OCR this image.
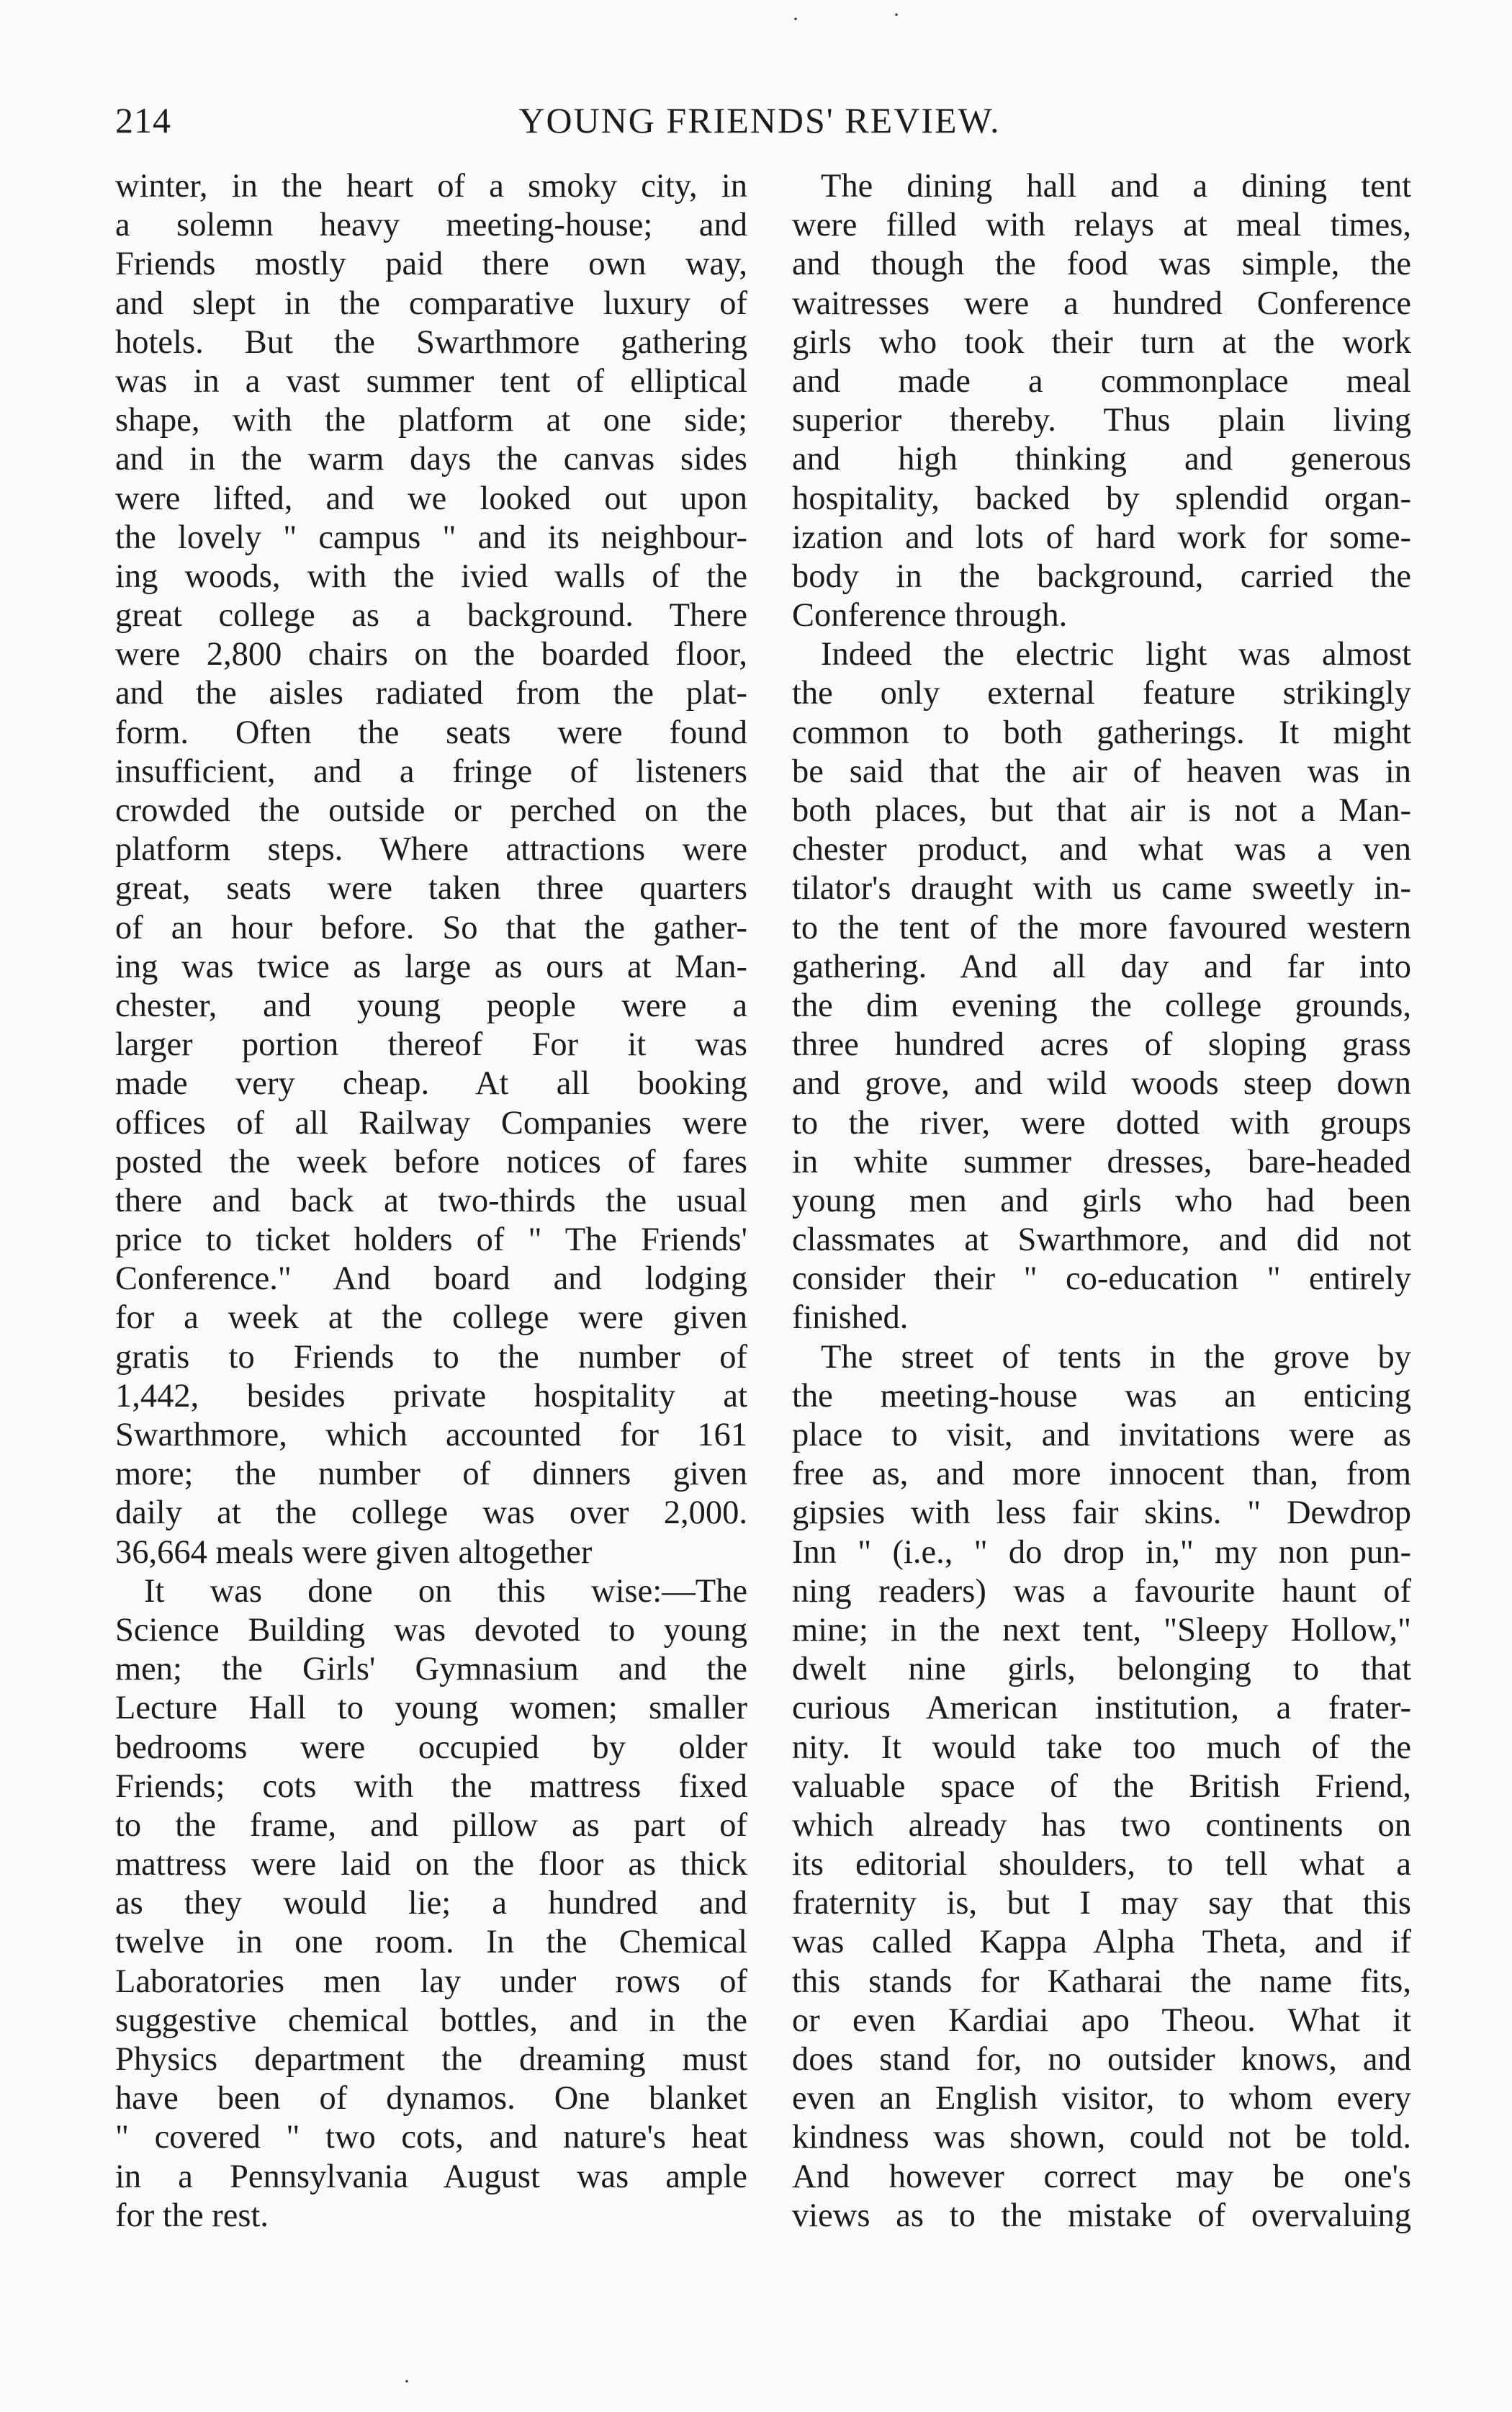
214	YOUNG FRIENDS' REVIEW.
winter, in the heart of a smoky city, in
a solemn heavy meeting-house; and
Friends mostly paid there own way,
and slept in the comparative luxury of
hotels. But the Swarthmore gathering
was in a vast summer tent of elliptical
shape, with the platform at one side;
and in the warm days the canvas sides
were lifted, and we looked out upon
the lovely " campus " and its neighbour-
ing woods, with the ivied walls of the
great college as a background. There
were 2,800 chairs on the boarded floor,
and the aisles radiated from the plat-
form. Often the seats were found
insufficient, and a fringe of listeners
crowded the outside or perched on the
platform steps. Where attractions were
great, seats were taken three quarters
of an hour before. So that the gather-
ing was twice as large as ours at Man-
chester, and young people were a
larger portion thereof For it was
made very cheap. At all booking
offices of all Railway Companies were
posted the week before notices of fares
there and back at two-thirds the usual
price to ticket holders of " The Friends'
Conference." And board and lodging
for a week at the college were given
gratis to Friends to the number of
1,442, besides private hospitality at
Swarthmore, which accounted for 161
more; the number of dinners given
daily at the college was over 2,000.
36,664 meals were given altogether
It was done on this wise:—The
Science Building was devoted to young
men; the Girls' Gymnasium and the
Lecture Hall to young women; smaller
bedrooms were occupied by older
Friends; cots with the mattress fixed
to the frame, and pillow as part of
mattress were laid on the floor as thick
as they would lie; a hundred and
twelve in one room. In the Chemical
Laboratories men lay under rows of
suggestive chemical bottles, and in the
Physics department the dreaming must
have been of dynamos. One blanket
" covered " two cots, and nature's heat
in a Pennsylvania August was ample
for the rest.
The dining hall and a dining tent
were filled with relays at meal times,
and though the food was simple, the
waitresses were a hundred Conference
girls who took their turn at the work
and made a commonplace meal
superior thereby. Thus plain living
and high thinking and generous
hospitality, backed by splendid organ-
ization and lots of hard work for some-
body in the background, carried the
Conference through.
Indeed the electric light was almost
the only external feature strikingly
common to both gatherings. It might
be said that the air of heaven was in
both places, but that air is not a Man-
chester product, and what was a ven
tilator's draught with us came sweetly in-
to the tent of the more favoured western
gathering. And all day and far into
the dim evening the college grounds,
three hundred acres of sloping grass
and grove, and wild woods steep down
to the river, were dotted with groups
in white summer dresses, bare-headed
young men and girls who had been
classmates at Swarthmore, and did not
consider their " co-education " entirely
finished.
The street of tents in the grove by
the meeting-house was an enticing
place to visit, and invitations were as
free as, and more innocent than, from
gipsies with less fair skins. " Dewdrop
Inn " (i.e., " do drop in," my non pun-
ning readers) was a favourite haunt of
mine; in the next tent, "Sleepy Hollow,"
dwelt nine girls, belonging to that
curious American institution, a frater-
nity. It would take too much of the
valuable space of the British Friend,
which already has two continents on
its editorial shoulders, to tell what a
fraternity is, but I may say that this
was called Kappa Alpha Theta, and if
this stands for Katharai the name fits,
or even Kardiai apo Theou. What it
does stand for, no outsider knows, and
even an English visitor, to whom every
kindness was shown, could not be told.
And however correct may be one's
views as to the mistake of overvaluing
·	·
·
